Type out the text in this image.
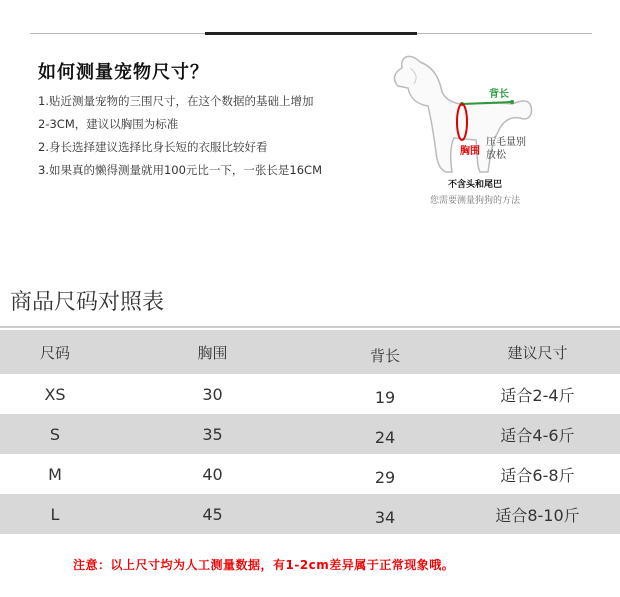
如何测量宠物尺寸？
1.贴近测量宠物的三围尺寸，在这个数据的基础上增加
2-3CM，建议以胸围为标准
2.身长选择建议选择比身长短的衣服比较好看
3.如果真的懒得测量就用100元比一下，一张长是16CM
背长
胸围
压毛量别放松
不含头和尾巴
您需要测量狗狗的方法
商品尺码对照表
尺码	胸围	背长	建议尺寸
XS	30	19	适合2-4斤
S	35	24	适合4-6斤
M	40	29	适合6-8斤
L	45	34	适合8-10斤
注意：以上尺寸均为人工测量数据，有1-2cm差异属于正常现象哦。
